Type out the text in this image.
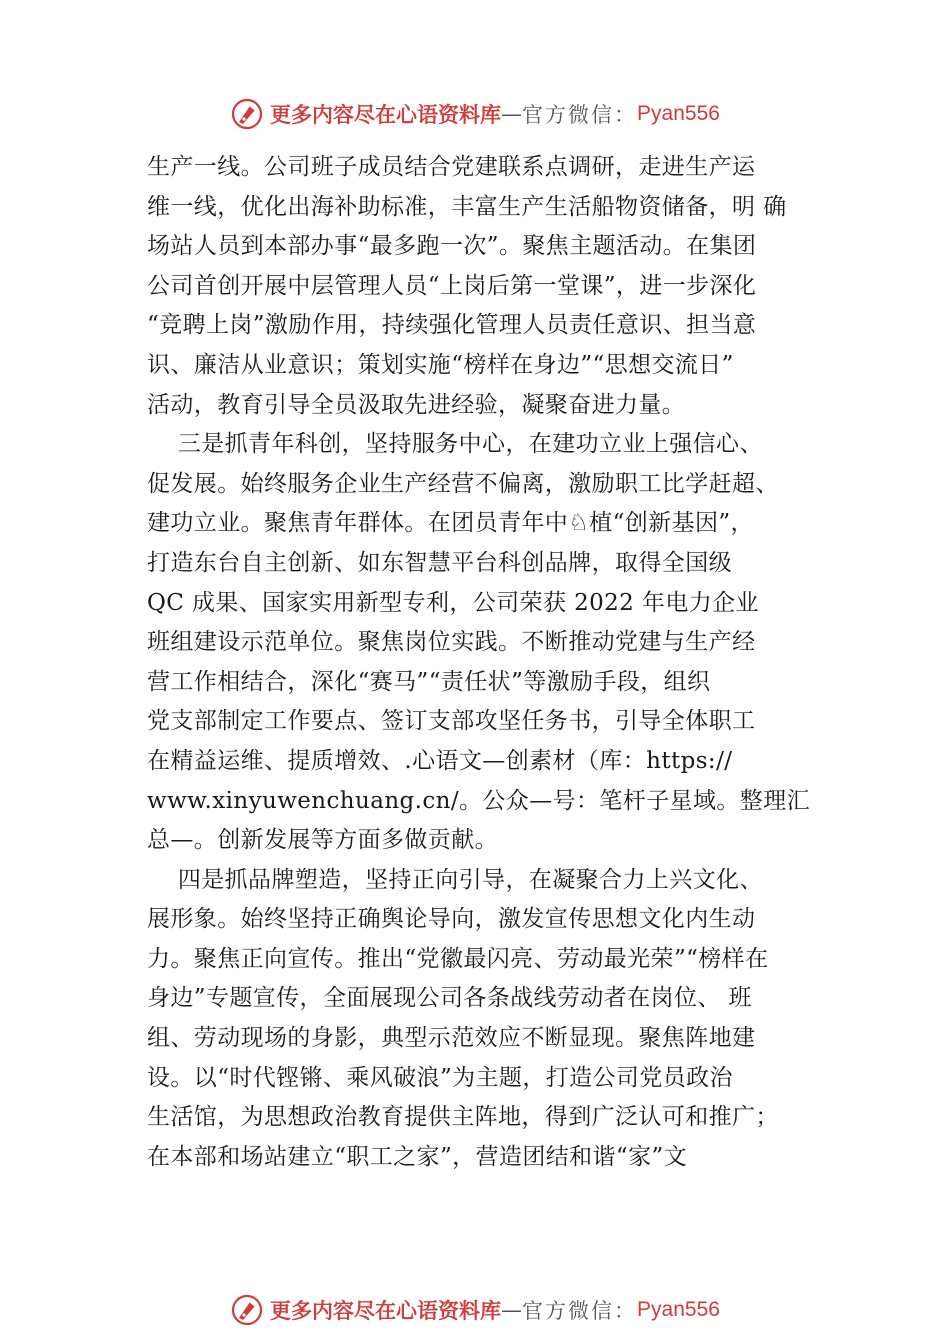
更多内容尽在心语资料库 — 官方微信： Pyan556
生产一线。公司班子成员结合党建联系点调研，走进生产运
维一线，优化出海补助标准，丰富生产生活船物资储备，明 确
场站人员到本部办事“最多跑一次”。聚焦主题活动。在集团
公司首创开展中层管理人员“上岗后第一堂课”，进一步深化
“竞聘上岗”激励作用，持续强化管理人员责任意识、担当意
识、廉洁从业意识；策划实施“榜样在身边”“思想交流日”
活动，教育引导全员汲取先进经验，凝聚奋进力量。
三是抓青年科创，坚持服务中心，在建功立业上强信心、
促发展。始终服务企业生产经营不偏离，激励职工比学赶超、
建功立业。聚焦青年群体。在团员青年中♘植“创新基因”，
打造东台自主创新、如东智慧平台科创品牌，取得全国级
QC 成果、国家实用新型专利，公司荣获 2022 年电力企业
班组建设示范单位。聚焦岗位实践。不断推动党建与生产经
营工作相结合，深化“赛马”“责任状”等激励手段，组织
党支部制定工作要点、签订支部攻坚任务书，引导全体职工
在精益运维、提质增效、.心语文—创素材（库：https://
www.xinyuwenchuang.cn/。公众—号：笔杆子星域。整理汇
总—。创新发展等方面多做贡献。
四是抓品牌塑造，坚持正向引导，在凝聚合力上兴文化、
展形象。始终坚持正确舆论导向，激发宣传思想文化内生动
力。聚焦正向宣传。推出“党徽最闪亮、劳动最光荣”“榜样在
身边”专题宣传，全面展现公司各条战线劳动者在岗位、 班
组、劳动现场的身影，典型示范效应不断显现。聚焦阵地建
设。以“时代铿锵、乘风破浪”为主题，打造公司党员政治
生活馆，为思想政治教育提供主阵地，得到广泛认可和推广；
在本部和场站建立“职工之家”，营造团结和谐“家”文
更多内容尽在心语资料库 — 官方微信： Pyan556
